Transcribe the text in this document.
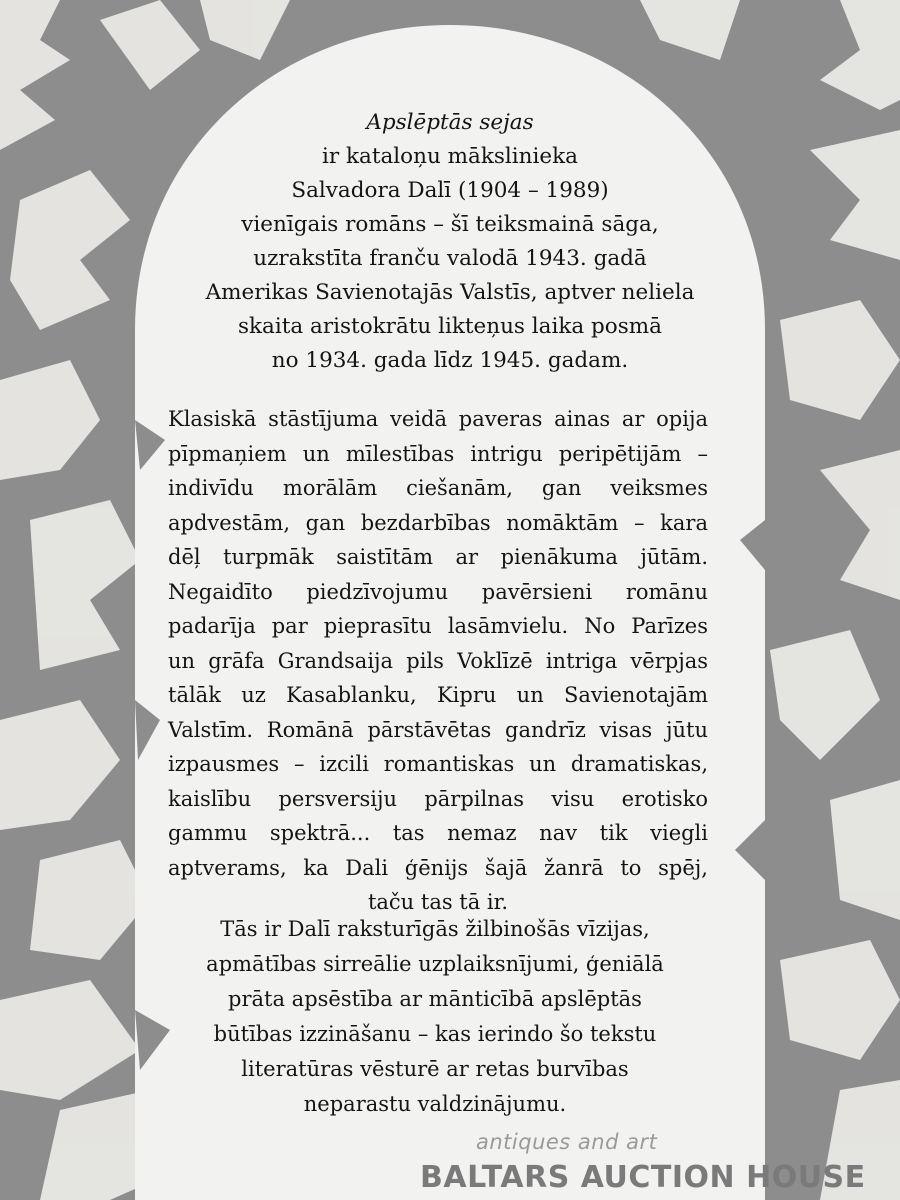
Apslēptās sejas
ir kataloņu mākslinieka
Salvadora Dalī (1904 – 1989)
vienīgais romāns – šī teiksmainā sāga,
uzrakstīta franču valodā 1943. gadā
Amerikas Savienotajās Valstīs, aptver neliela
skaita aristokrātu likteņus laika posmā
no 1934. gada līdz 1945. gadam.
Klasiskā stāstījuma veidā paveras ainas ar opija
pīpmaņiem un mīlestības intrigu peripētijām –
indivīdu morālām ciešanām, gan veiksmes
apdvestām, gan bezdarbības nomāktām – kara
dēļ turpmāk saistītām ar pienākuma jūtām.
Negaidīto piedzīvojumu pavērsieni romānu
padarīja par pieprasītu lasāmvielu. No Parīzes
un grāfa Grandsaija pils Voklīzē intriga vērpjas
tālāk uz Kasablanku, Kipru un Savienotajām
Valstīm. Romānā pārstāvētas gandrīz visas jūtu
izpausmes – izcili romantiskas un dramatiskas,
kaislību persversiju pārpilnas visu erotisko
gammu spektrā... tas nemaz nav tik viegli
aptverams, ka Dali ģēnijs šajā žanrā to spēj,
taču tas tā ir.
Tās ir Dalī raksturīgās žilbinošās vīzijas,
apmātības sirreālie uzplaiksnījumi, ģeniālā
prāta apsēstība ar mānticībā apslēptās
būtības izzināšanu – kas ierindo šo tekstu
literatūras vēsturē ar retas burvības
neparastu valdzinājumu.
antiques and art
BALTARS AUCTION HOUSE
